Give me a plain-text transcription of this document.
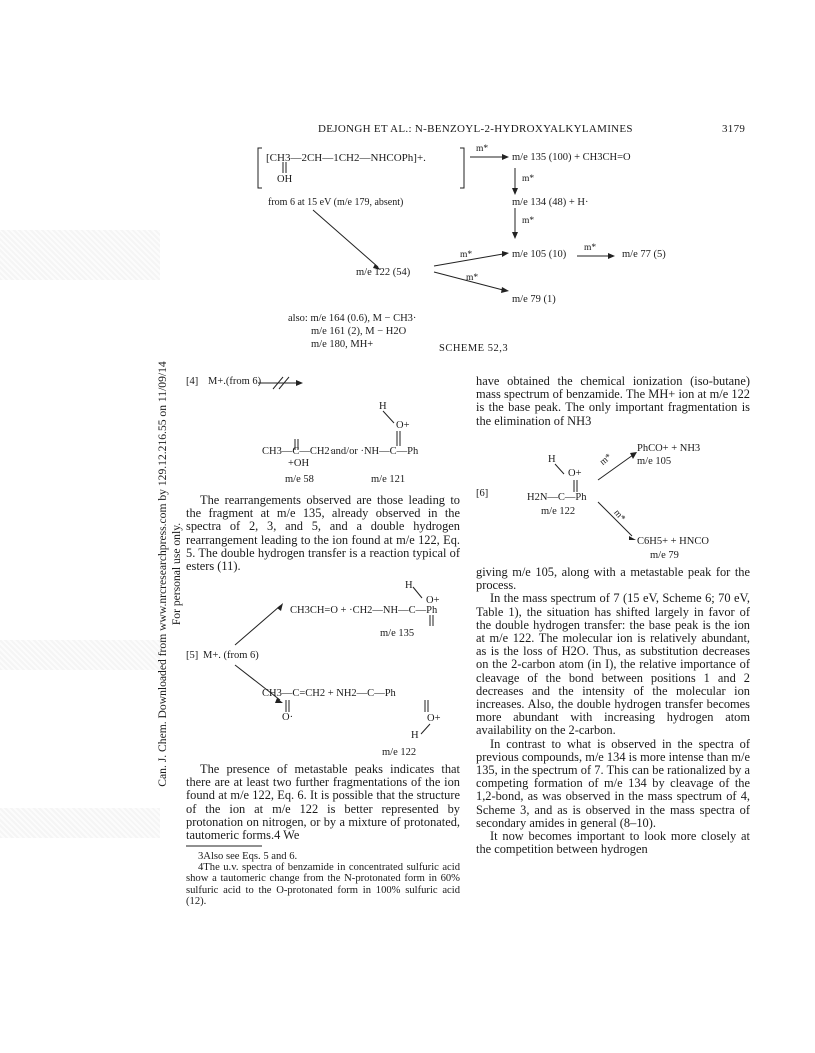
Can. J. Chem. Downloaded from www.nrcresearchpress.com by 129.12.216.55 on 11/09/14 For personal use only.
DEJONGH ET AL.: N-BENZOYL-2-HYDROXYALKYLAMINES	3179
[CH3—2CH—1CH2—NHCOPh]+.
OH
from 6 at 15 eV (m/e 179, absent)
m*
m/e 135 (100) + CH3CH=O
m*
m/e 134 (48) + H·
m*
m/e 105 (10)
m*
m/e 77 (5)
m/e 122 (54)
m*
m*
m/e 79 (1)
also: m/e 164 (0.6), M − CH3·
m/e 161 (2), M − H2O
m/e 180, MH+	SCHEME 52,3
[4] M+.(from 6)
H
O+
CH3—C—CH2·
and/or ·NH—C—Ph
+OH
m/e 58	m/e 121

The rearrangements observed are those leading to the fragment at m/e 135, already observed in the spectra of 2, 3, and 5, and a double hydrogen rearrangement leading to the ion found at m/e 122, Eq. 5. The double hydrogen transfer is a reaction typical of esters (11).

H
O+
CH3CH=O + ·CH2—NH—C—Ph
m/e 135
[5] M+. (from 6)
CH3—C=CH2 + NH2—C—Ph
O·	O+
H
m/e 122

The presence of metastable peaks indicates that there are at least two further fragmentations of the ion found at m/e 122, Eq. 6. It is possible that the structure of the ion at m/e 122 is better represented by protonation on nitrogen, or by a mixture of protonated, tautomeric forms.4 We

3Also see Eqs. 5 and 6.

4The u.v. spectra of benzamide in concentrated sulfuric acid show a tautomeric change from the N-protonated form in 60% sulfuric acid to the O-protonated form in 100% sulfuric acid (12).

have obtained the chemical ionization (iso-butane) mass spectrum of benzamide. The MH+ ion at m/e 122 is the base peak. The only important fragmentation is the elimination of NH3

[6]
H
O+
H2N—C—Ph
m/e 122
PhCO+ + NH3
m/e 105
m*
m*
C6H5+ + HNCO
m/e 79

giving m/e 105, along with a metastable peak for the process.

In the mass spectrum of 7 (15 eV, Scheme 6; 70 eV, Table 1), the situation has shifted largely in favor of the double hydrogen transfer: the base peak is the ion at m/e 122. The molecular ion is relatively abundant, as is the loss of H2O. Thus, as substitution decreases on the 2-carbon atom (in I), the relative importance of cleavage of the bond between positions 1 and 2 decreases and the intensity of the molecular ion increases. Also, the double hydrogen transfer becomes more abundant with increasing hydrogen atom availability on the 2-carbon.

In contrast to what is observed in the spectra of previous compounds, m/e 134 is more intense than m/e 135, in the spectrum of 7. This can be rationalized by a competing formation of m/e 134 by cleavage of the 1,2-bond, as was observed in the mass spectrum of 4, Scheme 3, and as is observed in the mass spectra of secondary amides in general (8–10).

It now becomes important to look more closely at the competition between hydrogen
